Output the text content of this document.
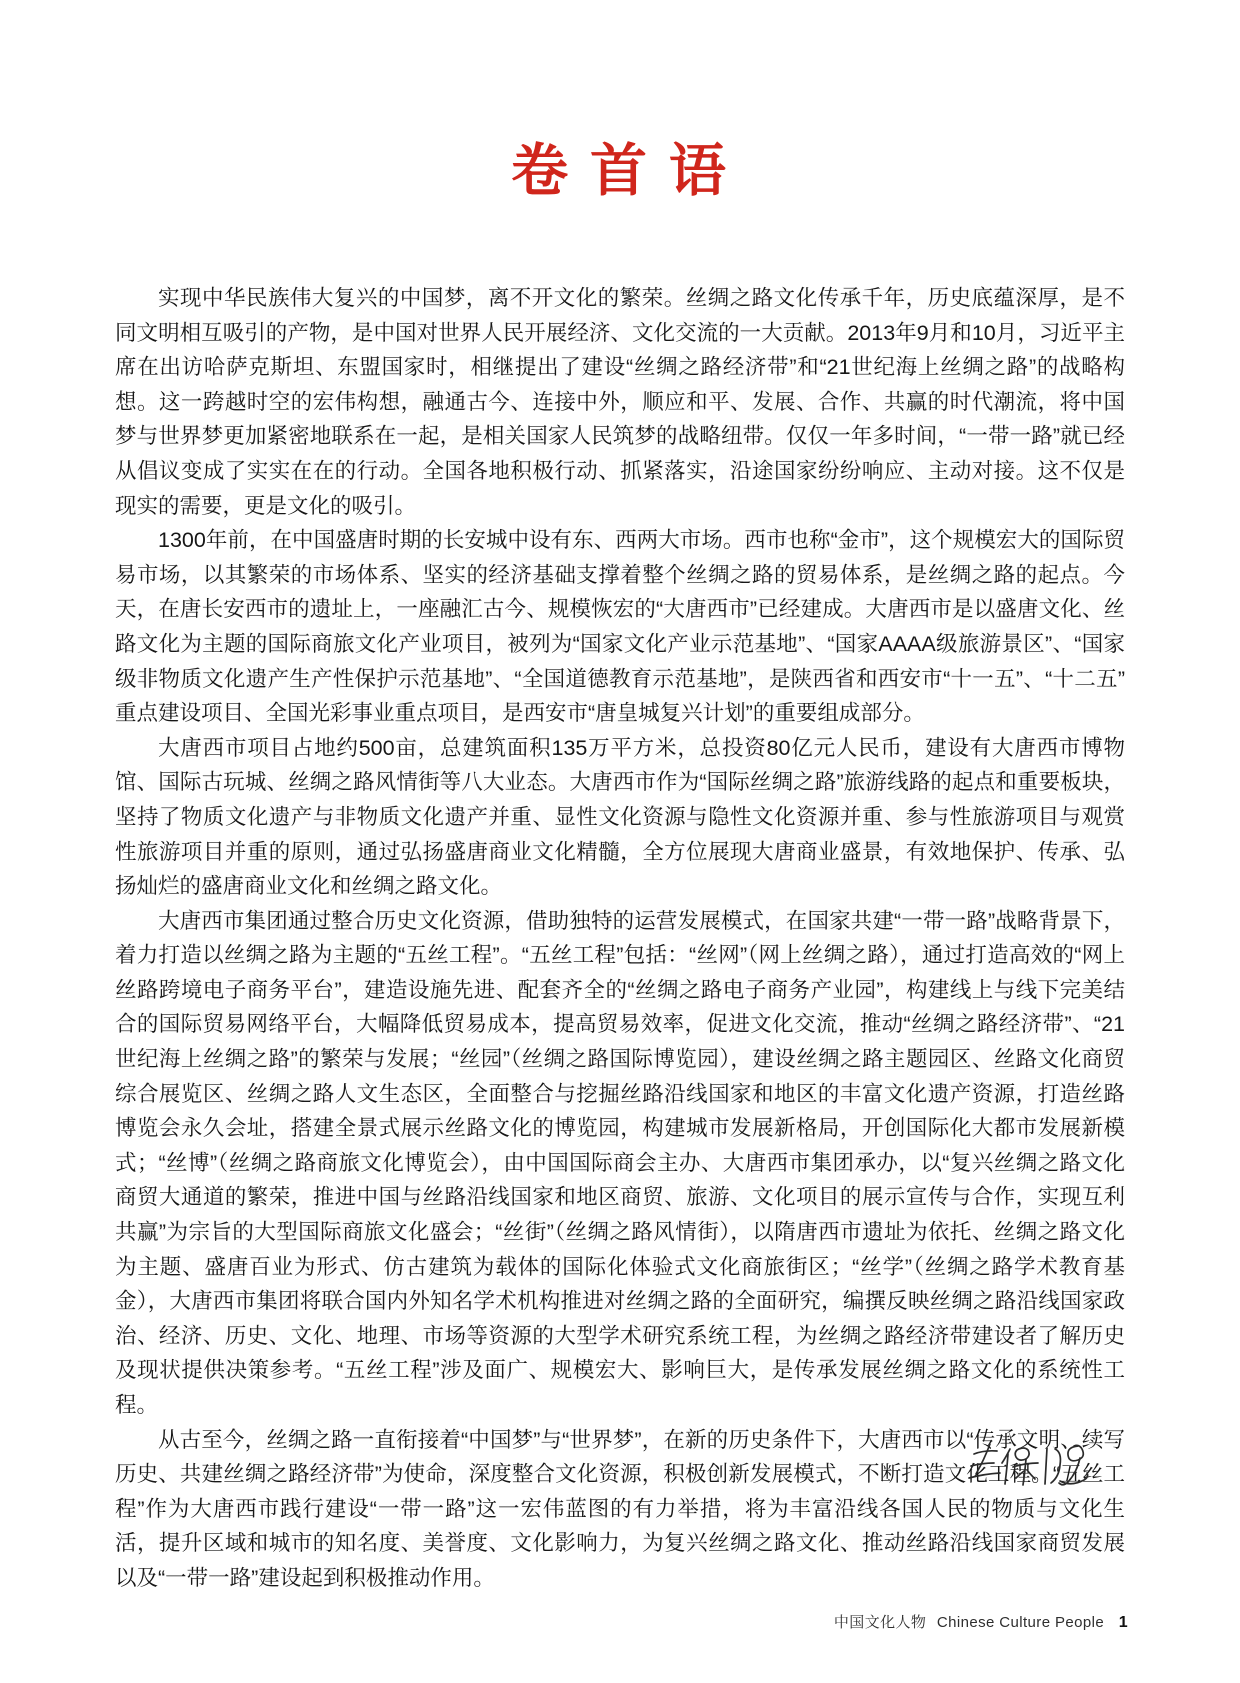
卷 首 语

实现中华民族伟大复兴的中国梦，离不开文化的繁荣。丝绸之路文化传承千年，历史底蕴深厚，是不同文明相互吸引的产物，是中国对世界人民开展经济、文化交流的一大贡献。2013年9月和10月，习近平主席在出访哈萨克斯坦、东盟国家时，相继提出了建设“丝绸之路经济带”和“21世纪海上丝绸之路”的战略构想。这一跨越时空的宏伟构想，融通古今、连接中外，顺应和平、发展、合作、共赢的时代潮流，将中国梦与世界梦更加紧密地联系在一起，是相关国家人民筑梦的战略纽带。仅仅一年多时间，“一带一路”就已经从倡议变成了实实在在的行动。全国各地积极行动、抓紧落实，沿途国家纷纷响应、主动对接。这不仅是现实的需要，更是文化的吸引。

1300年前，在中国盛唐时期的长安城中设有东、西两大市场。西市也称“金市”，这个规模宏大的国际贸易市场，以其繁荣的市场体系、坚实的经济基础支撑着整个丝绸之路的贸易体系，是丝绸之路的起点。今天，在唐长安西市的遗址上，一座融汇古今、规模恢宏的“大唐西市”已经建成。大唐西市是以盛唐文化、丝路文化为主题的国际商旅文化产业项目，被列为“国家文化产业示范基地”、“国家AAAA级旅游景区”、“国家级非物质文化遗产生产性保护示范基地”、“全国道德教育示范基地”，是陕西省和西安市“十一五”、“十二五”重点建设项目、全国光彩事业重点项目，是西安市“唐皇城复兴计划”的重要组成部分。

大唐西市项目占地约500亩，总建筑面积135万平方米，总投资80亿元人民币，建设有大唐西市博物馆、国际古玩城、丝绸之路风情街等八大业态。大唐西市作为“国际丝绸之路”旅游线路的起点和重要板块，坚持了物质文化遗产与非物质文化遗产并重、显性文化资源与隐性文化资源并重、参与性旅游项目与观赏性旅游项目并重的原则，通过弘扬盛唐商业文化精髓，全方位展现大唐商业盛景，有效地保护、传承、弘扬灿烂的盛唐商业文化和丝绸之路文化。

大唐西市集团通过整合历史文化资源，借助独特的运营发展模式，在国家共建“一带一路”战略背景下，着力打造以丝绸之路为主题的“五丝工程”。“五丝工程”包括：“丝网”（网上丝绸之路），通过打造高效的“网上丝路跨境电子商务平台”，建造设施先进、配套齐全的“丝绸之路电子商务产业园”，构建线上与线下完美结合的国际贸易网络平台，大幅降低贸易成本，提高贸易效率，促进文化交流，推动“丝绸之路经济带”、“21世纪海上丝绸之路”的繁荣与发展；“丝园”（丝绸之路国际博览园），建设丝绸之路主题园区、丝路文化商贸综合展览区、丝绸之路人文生态区，全面整合与挖掘丝路沿线国家和地区的丰富文化遗产资源，打造丝路博览会永久会址，搭建全景式展示丝路文化的博览园，构建城市发展新格局，开创国际化大都市发展新模式；“丝博”（丝绸之路商旅文化博览会），由中国国际商会主办、大唐西市集团承办，以“复兴丝绸之路文化商贸大通道的繁荣，推进中国与丝路沿线国家和地区商贸、旅游、文化项目的展示宣传与合作，实现互利共赢”为宗旨的大型国际商旅文化盛会；“丝街”（丝绸之路风情街），以隋唐西市遗址为依托、丝绸之路文化为主题、盛唐百业为形式、仿古建筑为载体的国际化体验式文化商旅街区；“丝学”（丝绸之路学术教育基金），大唐西市集团将联合国内外知名学术机构推进对丝绸之路的全面研究，编撰反映丝绸之路沿线国家政治、经济、历史、文化、地理、市场等资源的大型学术研究系统工程，为丝绸之路经济带建设者了解历史及现状提供决策参考。“五丝工程”涉及面广、规模宏大、影响巨大，是传承发展丝绸之路文化的系统性工程。

从古至今，丝绸之路一直衔接着“中国梦”与“世界梦”，在新的历史条件下，大唐西市以“传承文明、续写历史、共建丝绸之路经济带”为使命，深度整合文化资源，积极创新发展模式，不断打造文化工程。“五丝工程”作为大唐西市践行建设“一带一路”这一宏伟蓝图的有力举措，将为丰富沿线各国人民的物质与文化生活，提升区域和城市的知名度、美誉度、文化影响力，为复兴丝绸之路文化、推动丝路沿线国家商贸发展以及“一带一路”建设起到积极推动作用。

中国文化人物 Chinese Culture People 1
